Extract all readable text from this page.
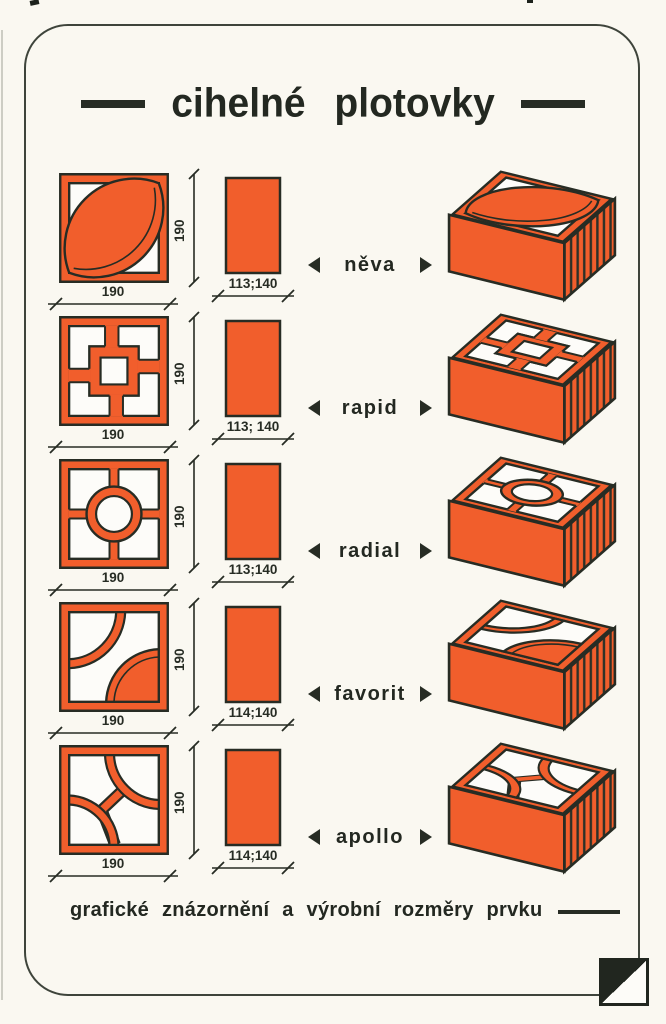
cihelné plotovky
190
190
113;140
něva
190
190
113; 140
rapid
190
190
113;140
radial
190
190
114;140
favorit
190
190
114;140
apollo
grafické znázornění a výrobní rozměry prvku
